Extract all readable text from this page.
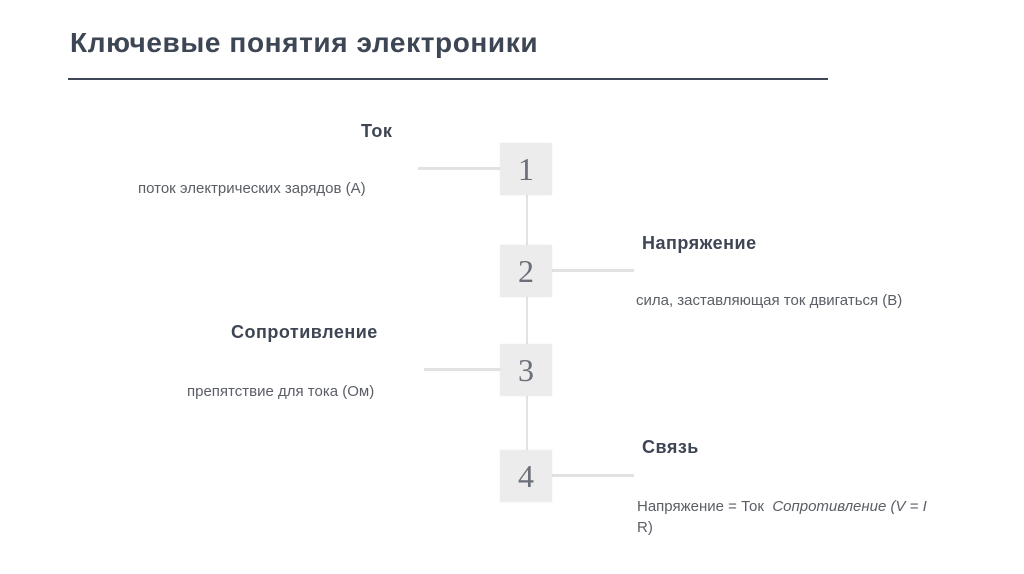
Ключевые понятия электроники
1
Ток
поток электрических зарядов (A)
2
Напряжение
сила, заставляющая ток двигаться (В)
3
Сопротивление
препятствие для тока (Ом)
4
Связь
Напряжение = Ток Сопротивление (V = I
R)
